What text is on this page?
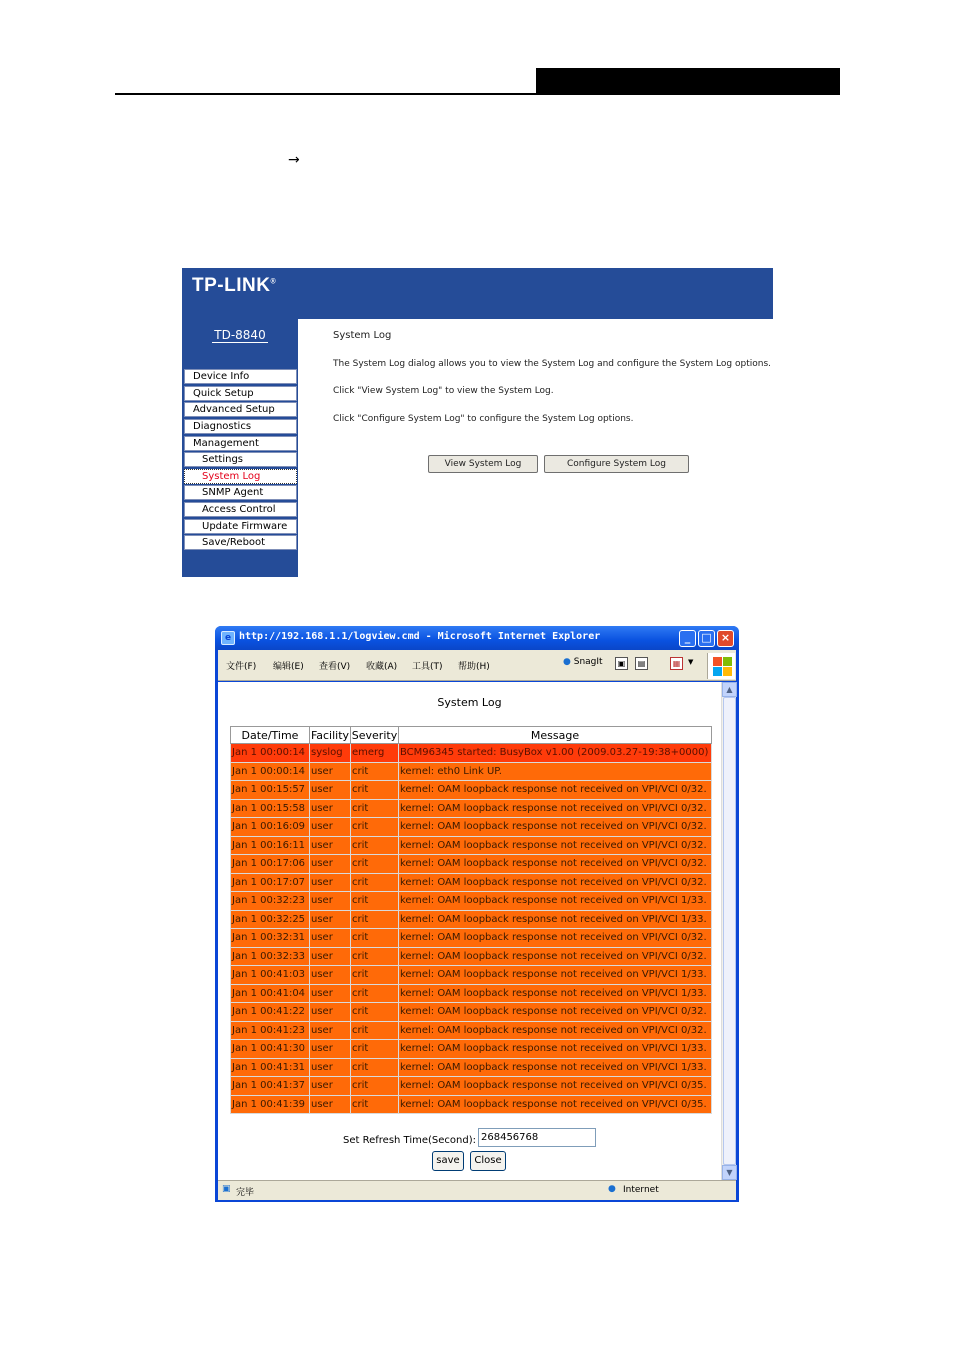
→
TP-LINK®
TD-8840
Device Info
Quick Setup
Advanced Setup
Diagnostics
Management
Settings
System Log
SNMP Agent
Access Control
Update Firmware
Save/Reboot
System Log
The System Log dialog allows you to view the System Log and configure the System Log options.
Click "View System Log" to view the System Log.
Click "Configure System Log" to configure the System Log options.
View System Log	Configure System Log
e http://192.168.1.1/logview.cmd - Microsoft Internet Explorer	_	□ ×
文件(F) 编辑(E) 查看(V) 收藏(A) 工具(T) 帮助(H)	● SnagIt	▣	▤	▦	▼
System Log
Date/Time	Facility	Severity	Message
Jan 1 00:00:14	syslog	emerg	BCM96345 started: BusyBox v1.00 (2009.03.27-19:38+0000)
Jan 1 00:00:14	user	crit	kernel: eth0 Link UP.
Jan 1 00:15:57	user	crit	kernel: OAM loopback response not received on VPI/VCI 0/32.
Jan 1 00:15:58	user	crit	kernel: OAM loopback response not received on VPI/VCI 0/32.
Jan 1 00:16:09	user	crit	kernel: OAM loopback response not received on VPI/VCI 0/32.
Jan 1 00:16:11	user	crit	kernel: OAM loopback response not received on VPI/VCI 0/32.
Jan 1 00:17:06	user	crit	kernel: OAM loopback response not received on VPI/VCI 0/32.
Jan 1 00:17:07	user	crit	kernel: OAM loopback response not received on VPI/VCI 0/32.
Jan 1 00:32:23	user	crit	kernel: OAM loopback response not received on VPI/VCI 1/33.
Jan 1 00:32:25	user	crit	kernel: OAM loopback response not received on VPI/VCI 1/33.
Jan 1 00:32:31	user	crit	kernel: OAM loopback response not received on VPI/VCI 0/32.
Jan 1 00:32:33	user	crit	kernel: OAM loopback response not received on VPI/VCI 0/32.
Jan 1 00:41:03	user	crit	kernel: OAM loopback response not received on VPI/VCI 1/33.
Jan 1 00:41:04	user	crit	kernel: OAM loopback response not received on VPI/VCI 1/33.
Jan 1 00:41:22	user	crit	kernel: OAM loopback response not received on VPI/VCI 0/32.
Jan 1 00:41:23	user	crit	kernel: OAM loopback response not received on VPI/VCI 0/32.
Jan 1 00:41:30	user	crit	kernel: OAM loopback response not received on VPI/VCI 1/33.
Jan 1 00:41:31	user	crit	kernel: OAM loopback response not received on VPI/VCI 1/33.
Jan 1 00:41:37	user	crit	kernel: OAM loopback response not received on VPI/VCI 0/35.
Jan 1 00:41:39	user	crit	kernel: OAM loopback response not received on VPI/VCI 0/35.
Set Refresh Time(Second):
268456768
save	Close
▲
▼
▣ 完毕	● Internet
